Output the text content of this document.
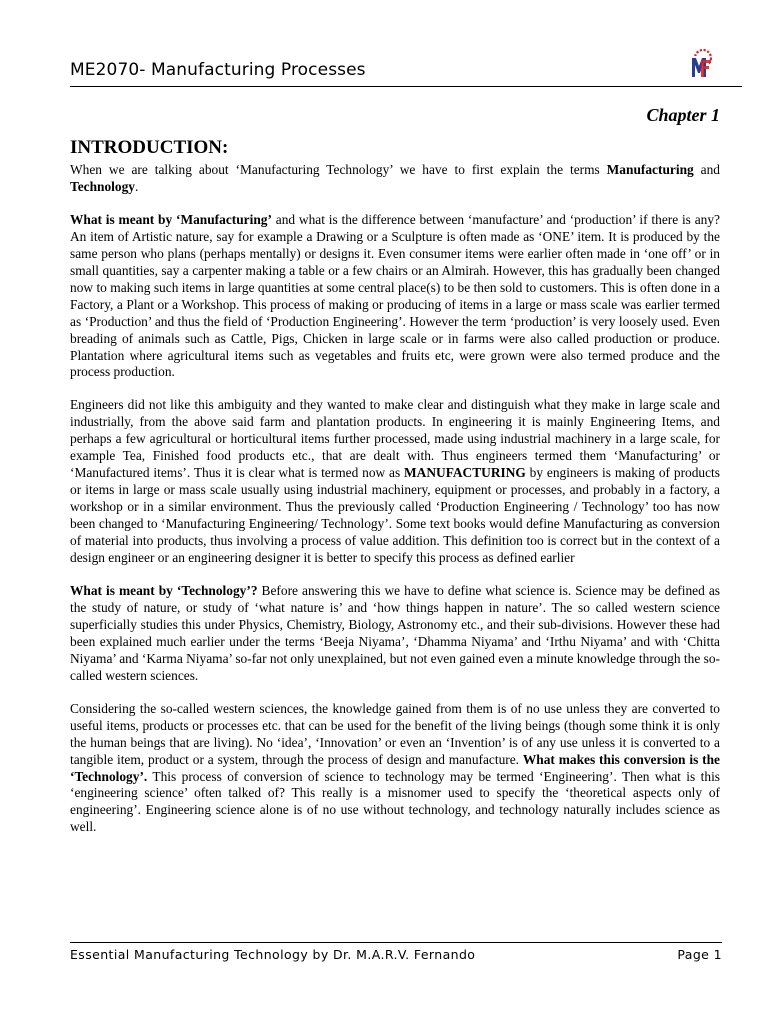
ME2070- Manufacturing Processes
Chapter 1
INTRODUCTION:

When we are talking about ‘Manufacturing Technology’ we have to first explain the terms Manufacturing and Technology.

What is meant by ‘Manufacturing’ and what is the difference between ‘manufacture’ and ‘production’ if there is any? An item of Artistic nature, say for example a Drawing or a Sculpture is often made as ‘ONE’ item. It is produced by the same person who plans (perhaps mentally) or designs it. Even consumer items were earlier often made in ‘one off’ or in small quantities, say a carpenter making a table or a few chairs or an Almirah. However, this has gradually been changed now to making such items in large quantities at some central place(s) to be then sold to customers. This is often done in a Factory, a Plant or a Workshop. This process of making or producing of items in a large or mass scale was earlier termed as ‘Production’ and thus the field of ‘Production Engineering’. However the term ‘production’ is very loosely used. Even breading of animals such as Cattle, Pigs, Chicken in large scale or in farms were also called production or produce. Plantation where agricultural items such as vegetables and fruits etc, were grown were also termed produce and the process production.

Engineers did not like this ambiguity and they wanted to make clear and distinguish what they make in large scale and industrially, from the above said farm and plantation products. In engineering it is mainly Engineering Items, and perhaps a few agricultural or horticultural items further processed, made using industrial machinery in a large scale, for example Tea, Finished food products etc., that are dealt with. Thus engineers termed them ‘Manufacturing’ or ‘Manufactured items’. Thus it is clear what is termed now as MANUFACTURING by engineers is making of products or items in large or mass scale usually using industrial machinery, equipment or processes, and probably in a factory, a workshop or in a similar environment. Thus the previously called ‘Production Engineering / Technology’ too has now been changed to ‘Manufacturing Engineering/ Technology’. Some text books would define Manufacturing as conversion of material into products, thus involving a process of value addition. This definition too is correct but in the context of a design engineer or an engineering designer it is better to specify this process as defined earlier

What is meant by ‘Technology’? Before answering this we have to define what science is. Science may be defined as the study of nature, or study of ‘what nature is’ and ‘how things happen in nature’. The so called western science superficially studies this under Physics, Chemistry, Biology, Astronomy etc., and their sub-divisions. However these had been explained much earlier under the terms ‘Beeja Niyama’, ‘Dhamma Niyama’ and ‘Irthu Niyama’ and with ‘Chitta Niyama’ and ‘Karma Niyama’ so-far not only unexplained, but not even gained even a minute knowledge through the so-called western sciences.

Considering the so-called western sciences, the knowledge gained from them is of no use unless they are converted to useful items, products or processes etc. that can be used for the benefit of the living beings (though some think it is only the human beings that are living). No ‘idea’, ‘Innovation’ or even an ‘Invention’ is of any use unless it is converted to a tangible item, product or a system, through the process of design and manufacture. What makes this conversion is the ‘Technology’. This process of conversion of science to technology may be termed ‘Engineering’. Then what is this ‘engineering science’ often talked of? This really is a misnomer used to specify the ‘theoretical aspects only of engineering’. Engineering science alone is of no use without technology, and technology naturally includes science as well.

Essential Manufacturing Technology by Dr. M.A.R.V. Fernando	Page 1
